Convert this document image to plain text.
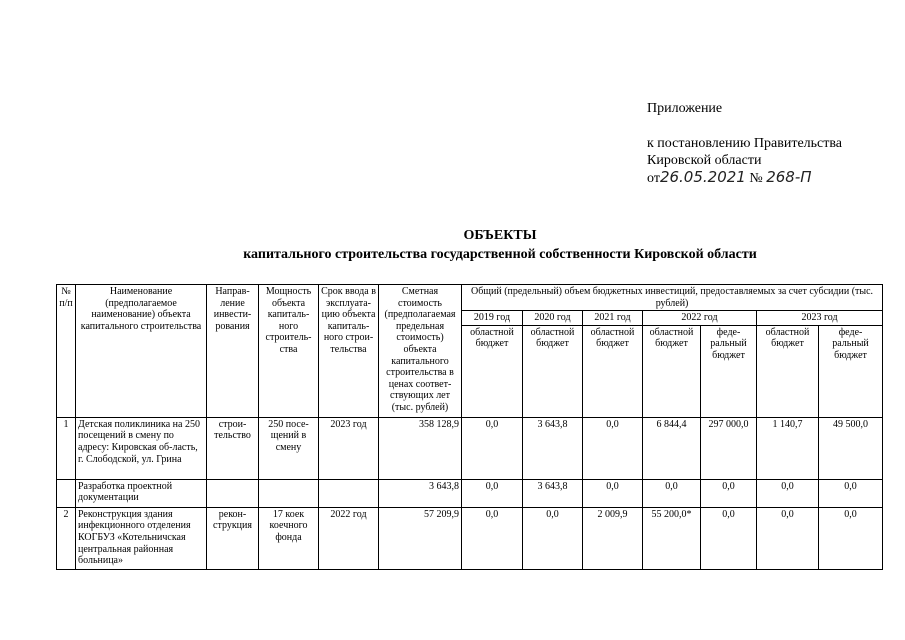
Приложение
к постановлению Правительства
Кировской области
от26.05.2021 № 268-П
ОБЪЕКТЫ
капитального строительства государственной собственности Кировской области
№ п/п	Наименование (предполагаемое наименование) объекта капитального строительства	Направ-ление инвести-рования	Мощность объекта капиталь-ного строитель-ства	Срок ввода в эксплуата-цию объекта капиталь-ного строи-тельства	Сметная стоимость (предполагаемая предельная стоимость) объекта капитального строительства в ценах соответ-ствующих лет (тыс. рублей)	Общий (предельный) объем бюджетных инвестиций, предоставляемых за счет субсидии (тыс. рублей)						
						2019 год	2020 год	2021 год	2022 год		2023 год	
						областной бюджет	областной бюджет	областной бюджет	областной бюджет	феде-ральный бюджет	областной бюджет	феде-ральный бюджет
1	Детская поликлиника на 250 посещений в смену по адресу: Кировская об-ласть, г. Слободской, ул. Грина	строи-тельство	250 посе-щений в смену	2023 год	358 128,9	0,0	3 643,8	0,0	6 844,4	297 000,0	1 140,7	49 500,0
	Разработка проектной документации				3 643,8	0,0	3 643,8	0,0	0,0	0,0	0,0	0,0
2	Реконструкция здания инфекционного отделения КОГБУЗ «Котельничская центральная районная больница»	рекон-струкция	17 коек коечного фонда	2022 год	57 209,9	0,0	0,0	2 009,9	55 200,0*	0,0	0,0	0,0
